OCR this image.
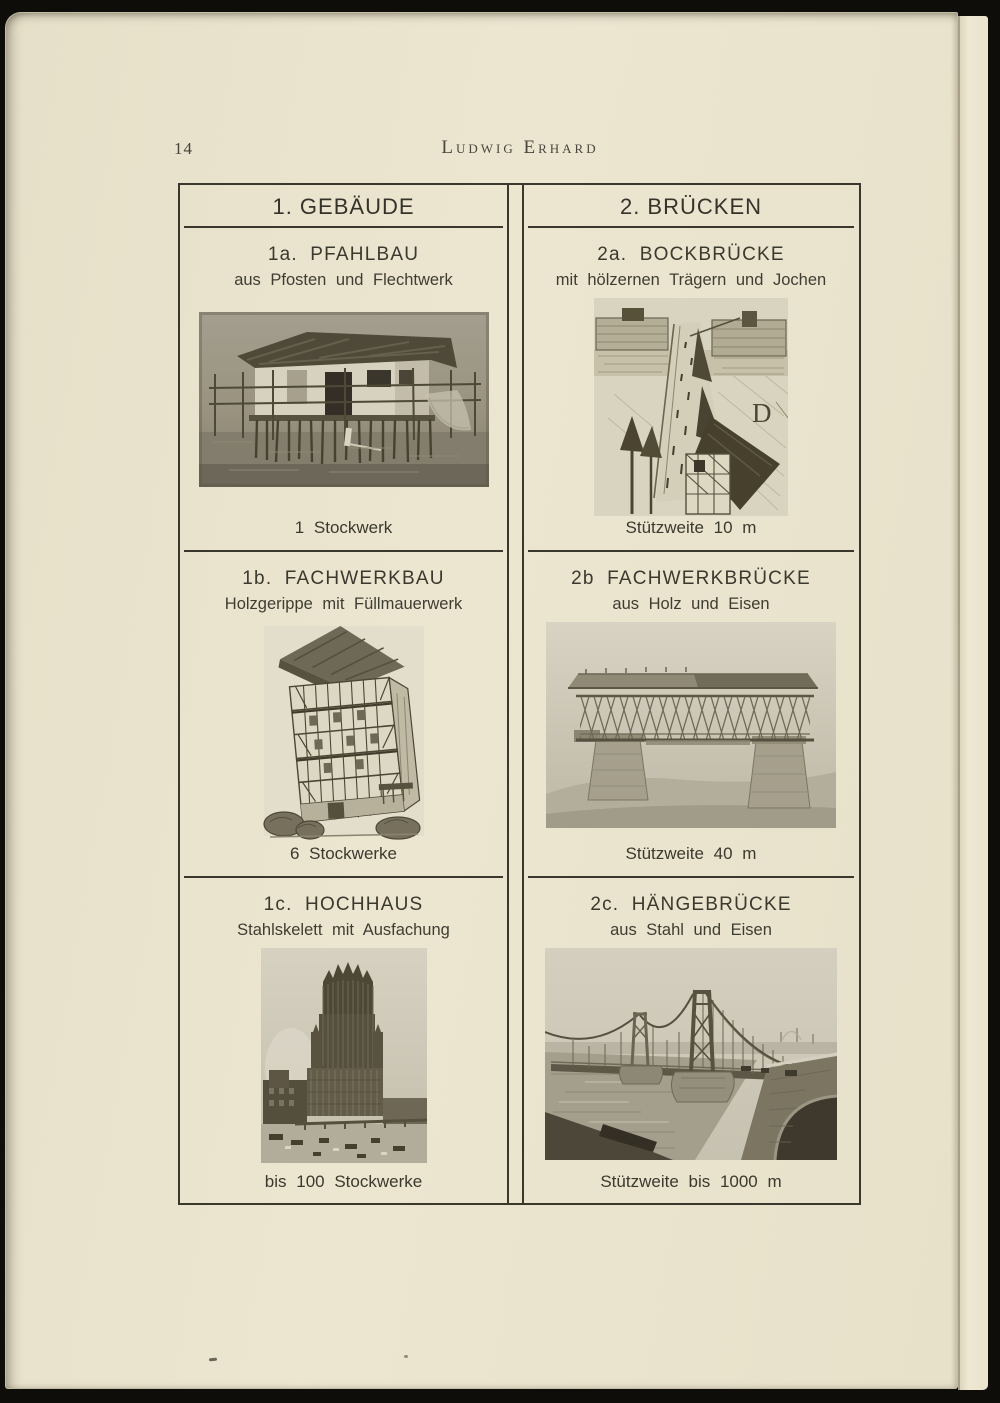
14	Ludwig Erhard
1. GEBÄUDE	2. BRÜCKEN
1a. PFAHLBAU
aus Pfosten und Flechtwerk
1 Stockwerk
2a. BOCKBRÜCKE
mit hölzernen Trägern und Jochen
D
Stützweite 10 m
1b. FACHWERKBAU
Holzgerippe mit Füllmauerwerk
6 Stockwerke
2b FACHWERKBRÜCKE
aus Holz und Eisen
Stützweite 40 m
1c. HOCHHAUS
Stahlskelett mit Ausfachung
bis 100 Stockwerke
2c. HÄNGEBRÜCKE
aus Stahl und Eisen
Stützweite bis 1000 m
